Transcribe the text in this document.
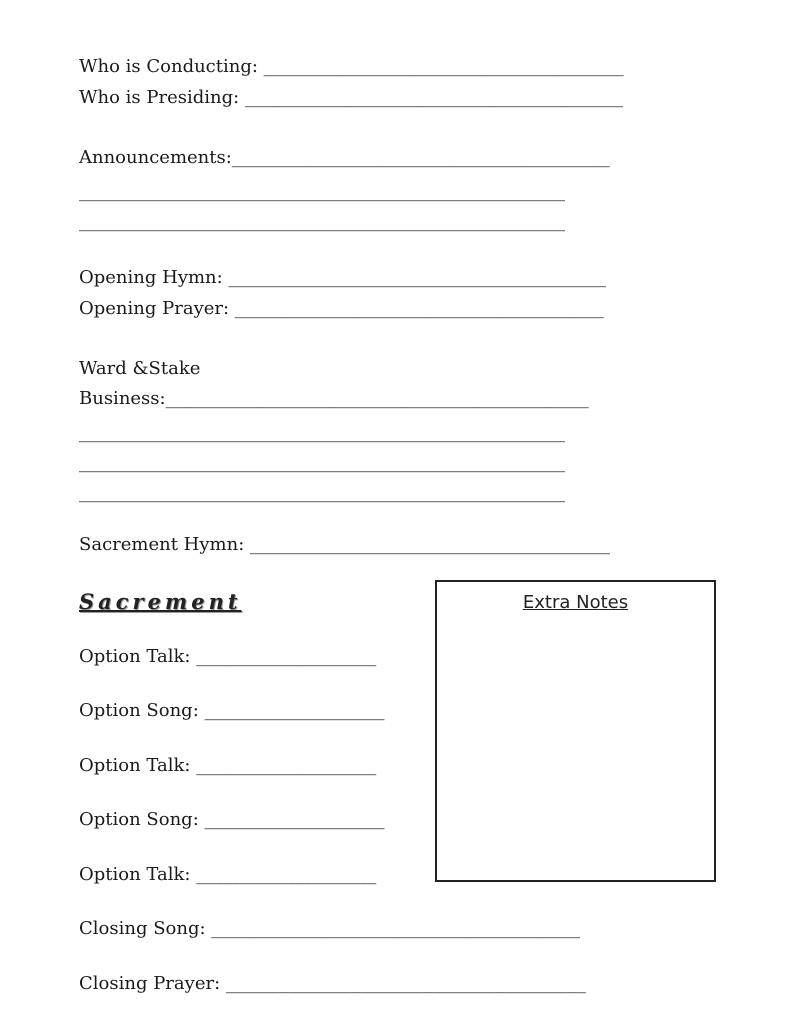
Who is Conducting: ________________________________________
Who is Presiding: __________________________________________
Announcements:__________________________________________
______________________________________________________
______________________________________________________
Opening Hymn: __________________________________________
Opening Prayer: _________________________________________
Ward &Stake
Business:_______________________________________________
______________________________________________________
______________________________________________________
______________________________________________________
Sacrement Hymn: ________________________________________
Sacrement
Option Talk: ____________________
Option Song: ____________________
Option Talk: ____________________
Option Song: ____________________
Option Talk: ____________________
Extra Notes
Closing Song: _________________________________________
Closing Prayer: ________________________________________
